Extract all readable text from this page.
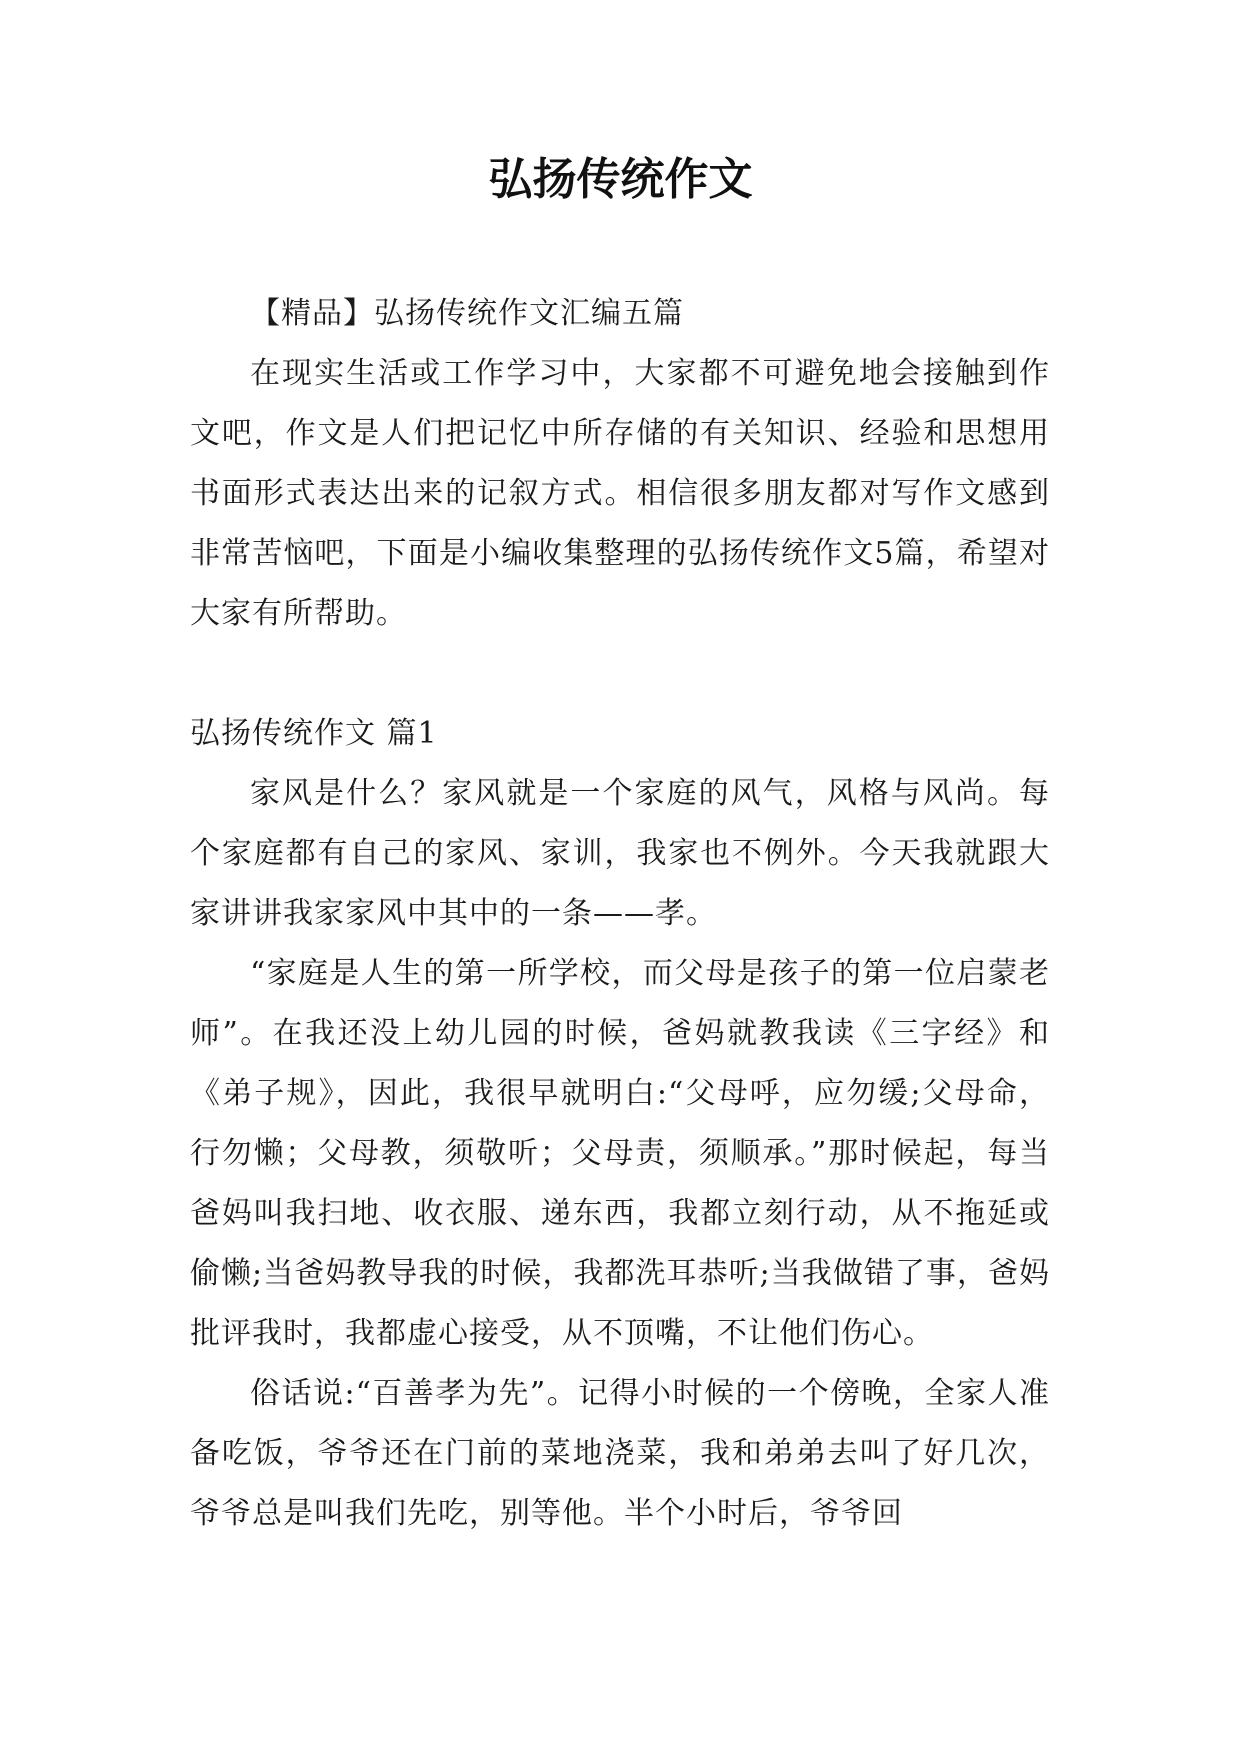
弘扬传统作文

【精品】弘扬传统作文汇编五篇

在现实生活或工作学习中，大家都不可避免地会接触到作文吧，作文是人们把记忆中所存储的有关知识、经验和思想用书面形式表达出来的记叙方式。相信很多朋友都对写作文感到非常苦恼吧，下面是小编收集整理的弘扬传统作文5篇，希望对大家有所帮助。

弘扬传统作文 篇1

家风是什么？家风就是一个家庭的风气，风格与风尚。每个家庭都有自己的家风、家训，我家也不例外。今天我就跟大家讲讲我家家风中其中的一条——孝。

“家庭是人生的第一所学校，而父母是孩子的第一位启蒙老师”。在我还没上幼儿园的时候，爸妈就教我读《三字经》和《弟子规》，因此，我很早就明白:“父母呼，应勿缓;父母命，行勿懒；父母教，须敬听；父母责，须顺承。”那时候起，每当爸妈叫我扫地、收衣服、递东西，我都立刻行动，从不拖延或偷懒;当爸妈教导我的时候，我都洗耳恭听;当我做错了事，爸妈批评我时，我都虚心接受，从不顶嘴，不让他们伤心。

俗话说:“百善孝为先”。记得小时候的一个傍晚，全家人准备吃饭，爷爷还在门前的菜地浇菜，我和弟弟去叫了好几次，爷爷总是叫我们先吃，别等他。半个小时后，爷爷回
